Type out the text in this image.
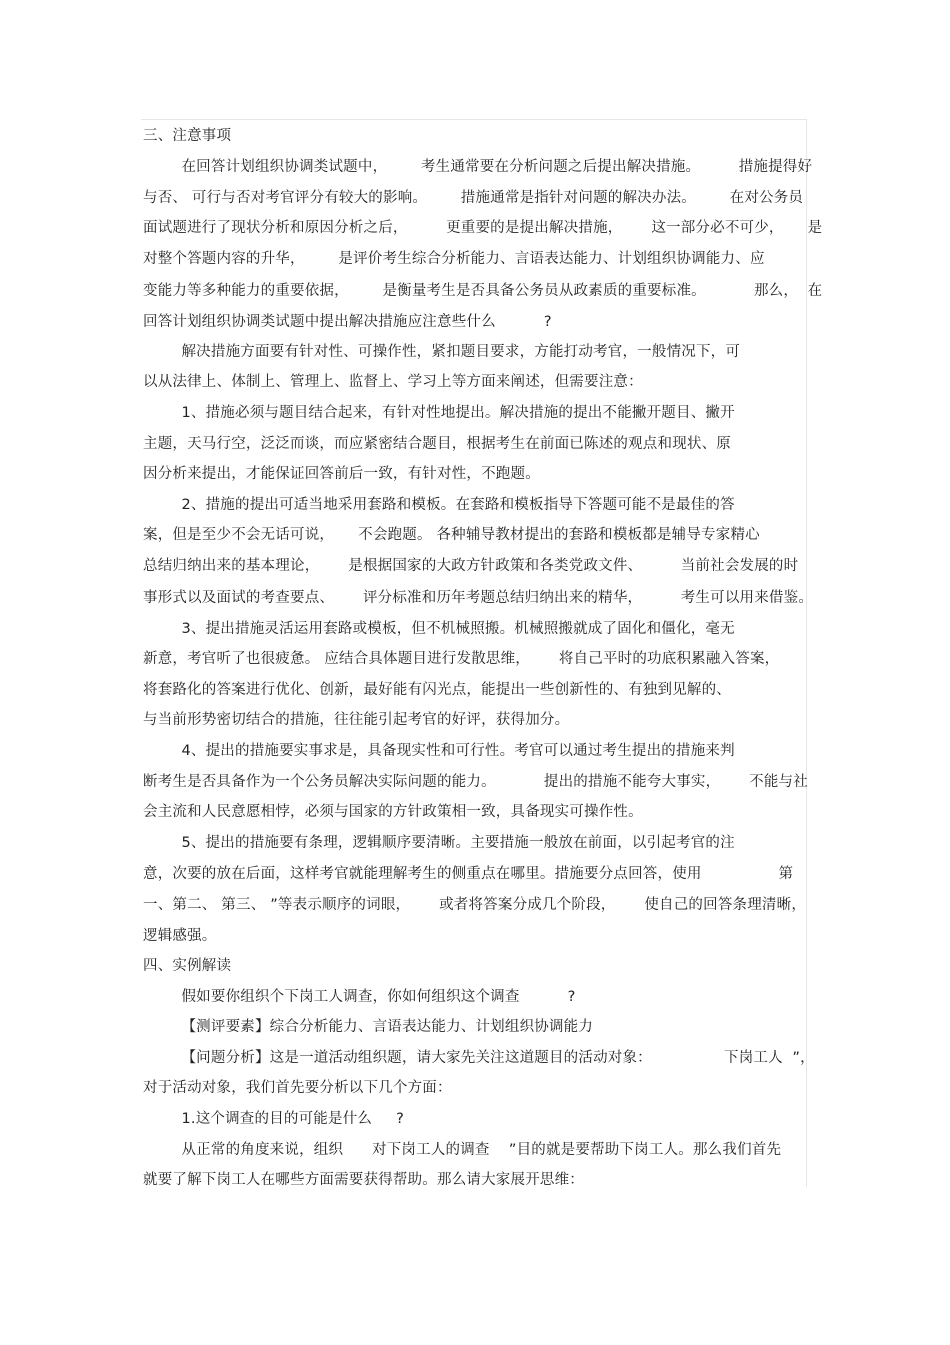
三、注意事项
在回答计划组织协调类试题中，       考生通常要在分析问题之后提出解决措施。        措施提得好
与否、 可行与否对考官评分有较大的影响。       措施通常是指针对问题的解决办法。       在对公务员
面试题进行了现状分析和原因分析之后，        更重要的是提出解决措施，      这一部分必不可少，     是
对整个答题内容的升华，       是评价考生综合分析能力、言语表达能力、计划组织协调能力、应
变能力等多种能力的重要依据，       是衡量考生是否具备公务员从政素质的重要标准。          那么，  在
回答计划组织协调类试题中提出解决措施应注意些什么          ?
解决措施方面要有针对性、可操作性，紧扣题目要求，方能打动考官，一般情况下，可
以从法律上、体制上、管理上、监督上、学习上等方面来阐述，但需要注意：
1、措施必须与题目结合起来，有针对性地提出。解决措施的提出不能撇开题目、撇开
主题，天马行空，泛泛而谈，而应紧密结合题目，根据考生在前面已陈述的观点和现状、原
因分析来提出，才能保证回答前后一致，有针对性，不跑题。
2、措施的提出可适当地采用套路和模板。在套路和模板指导下答题可能不是最佳的答
案，但是至少不会无话可说，     不会跑题。 各种辅导教材提出的套路和模板都是辅导专家精心
总结归纳出来的基本理论，      是根据国家的大政方针政策和各类党政文件、        当前社会发展的时
事形式以及面试的考查要点、      评分标准和历年考题总结归纳出来的精华，        考生可以用来借鉴。
3、提出措施灵活运用套路或模板，但不机械照搬。机械照搬就成了固化和僵化，毫无
新意，考官听了也很疲惫。 应结合具体题目进行发散思维，      将自己平时的功底积累融入答案，
将套路化的答案进行优化、创新，最好能有闪光点，能提出一些创新性的、有独到见解的、
与当前形势密切结合的措施，往往能引起考官的好评，获得加分。
4、提出的措施要实事求是，具备现实性和可行性。考官可以通过考生提出的措施来判
断考生是否具备作为一个公务员解决实际问题的能力。          提出的措施不能夸大事实，      不能与社
会主流和人民意愿相悖，必须与国家的方针政策相一致，具备现实可操作性。
5、提出的措施要有条理，逻辑顺序要清晰。主要措施一般放在前面，以引起考官的注
意，次要的放在后面，这样考官就能理解考生的侧重点在哪里。措施要分点回答，使用                第
一、第二、 第三、 ”等表示顺序的词眼，      或者将答案分成几个阶段，      使自己的回答条理清晰，
逻辑感强。
四、实例解读
假如要你组织个下岗工人调查，你如何组织这个调查          ?
【测评要素】综合分析能力、言语表达能力、计划组织协调能力
【问题分析】这是一道活动组织题，请大家先关注这道题目的活动对象：               下岗工人  ”，
对于活动对象，我们首先要分析以下几个方面：
1.这个调查的目的可能是什么     ?
从正常的角度来说，组织      对下岗工人的调查    ”目的就是要帮助下岗工人。那么我们首先
就要了解下岗工人在哪些方面需要获得帮助。那么请大家展开思维：
